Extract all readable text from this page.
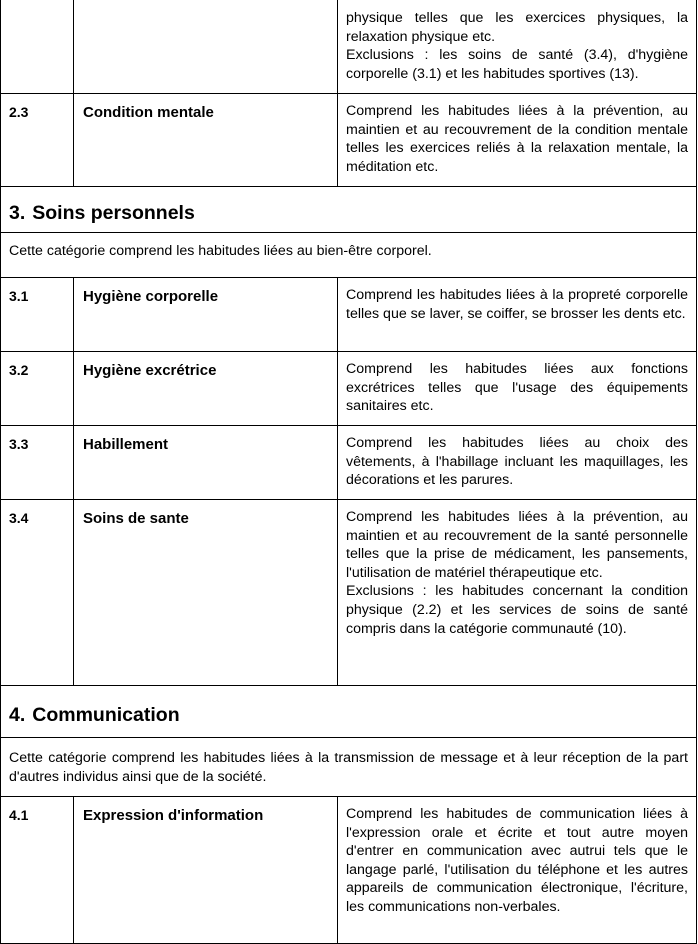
physique telles que les exercices physiques, la relaxation physique etc.

Exclusions : les soins de santé (3.4), d'hygiène corporelle (3.1) et les habitudes sportives (13).

2.3	Condition mentale	Comprend les habitudes liées à la prévention, au maintien et au recouvrement de la condition mentale telles les exercices reliés à la relaxation mentale, la méditation etc.

3. Soins personnels
Cette catégorie comprend les habitudes liées au bien-être corporel.
3.1	Hygiène corporelle	Comprend les habitudes liées à la propreté corporelle telles que se laver, se coiffer, se brosser les dents etc.

3.2	Hygiène excrétrice	Comprend les habitudes liées aux fonctions excrétrices telles que l'usage des équipements sanitaires etc.

3.3	Habillement	Comprend les habitudes liées au choix des vêtements, à l'habillage incluant les maquillages, les décorations et les parures.

3.4	Soins de sante	Comprend les habitudes liées à la prévention, au maintien et au recouvrement de la santé personnelle telles que la prise de médicament, les pansements, l'utilisation de matériel thérapeutique etc.

Exclusions : les habitudes concernant la condition physique (2.2) et les services de soins de santé compris dans la catégorie communauté (10).

4. Communication
Cette catégorie comprend les habitudes liées à la transmission de message et à leur réception de la part d'autres individus ainsi que de la société.
4.1	Expression d'information	Comprend les habitudes de communication liées à l'expression orale et écrite et tout autre moyen d'entrer en communication avec autrui tels que le langage parlé, l'utilisation du téléphone et les autres appareils de communication électronique, l'écriture, les communications non-verbales.
